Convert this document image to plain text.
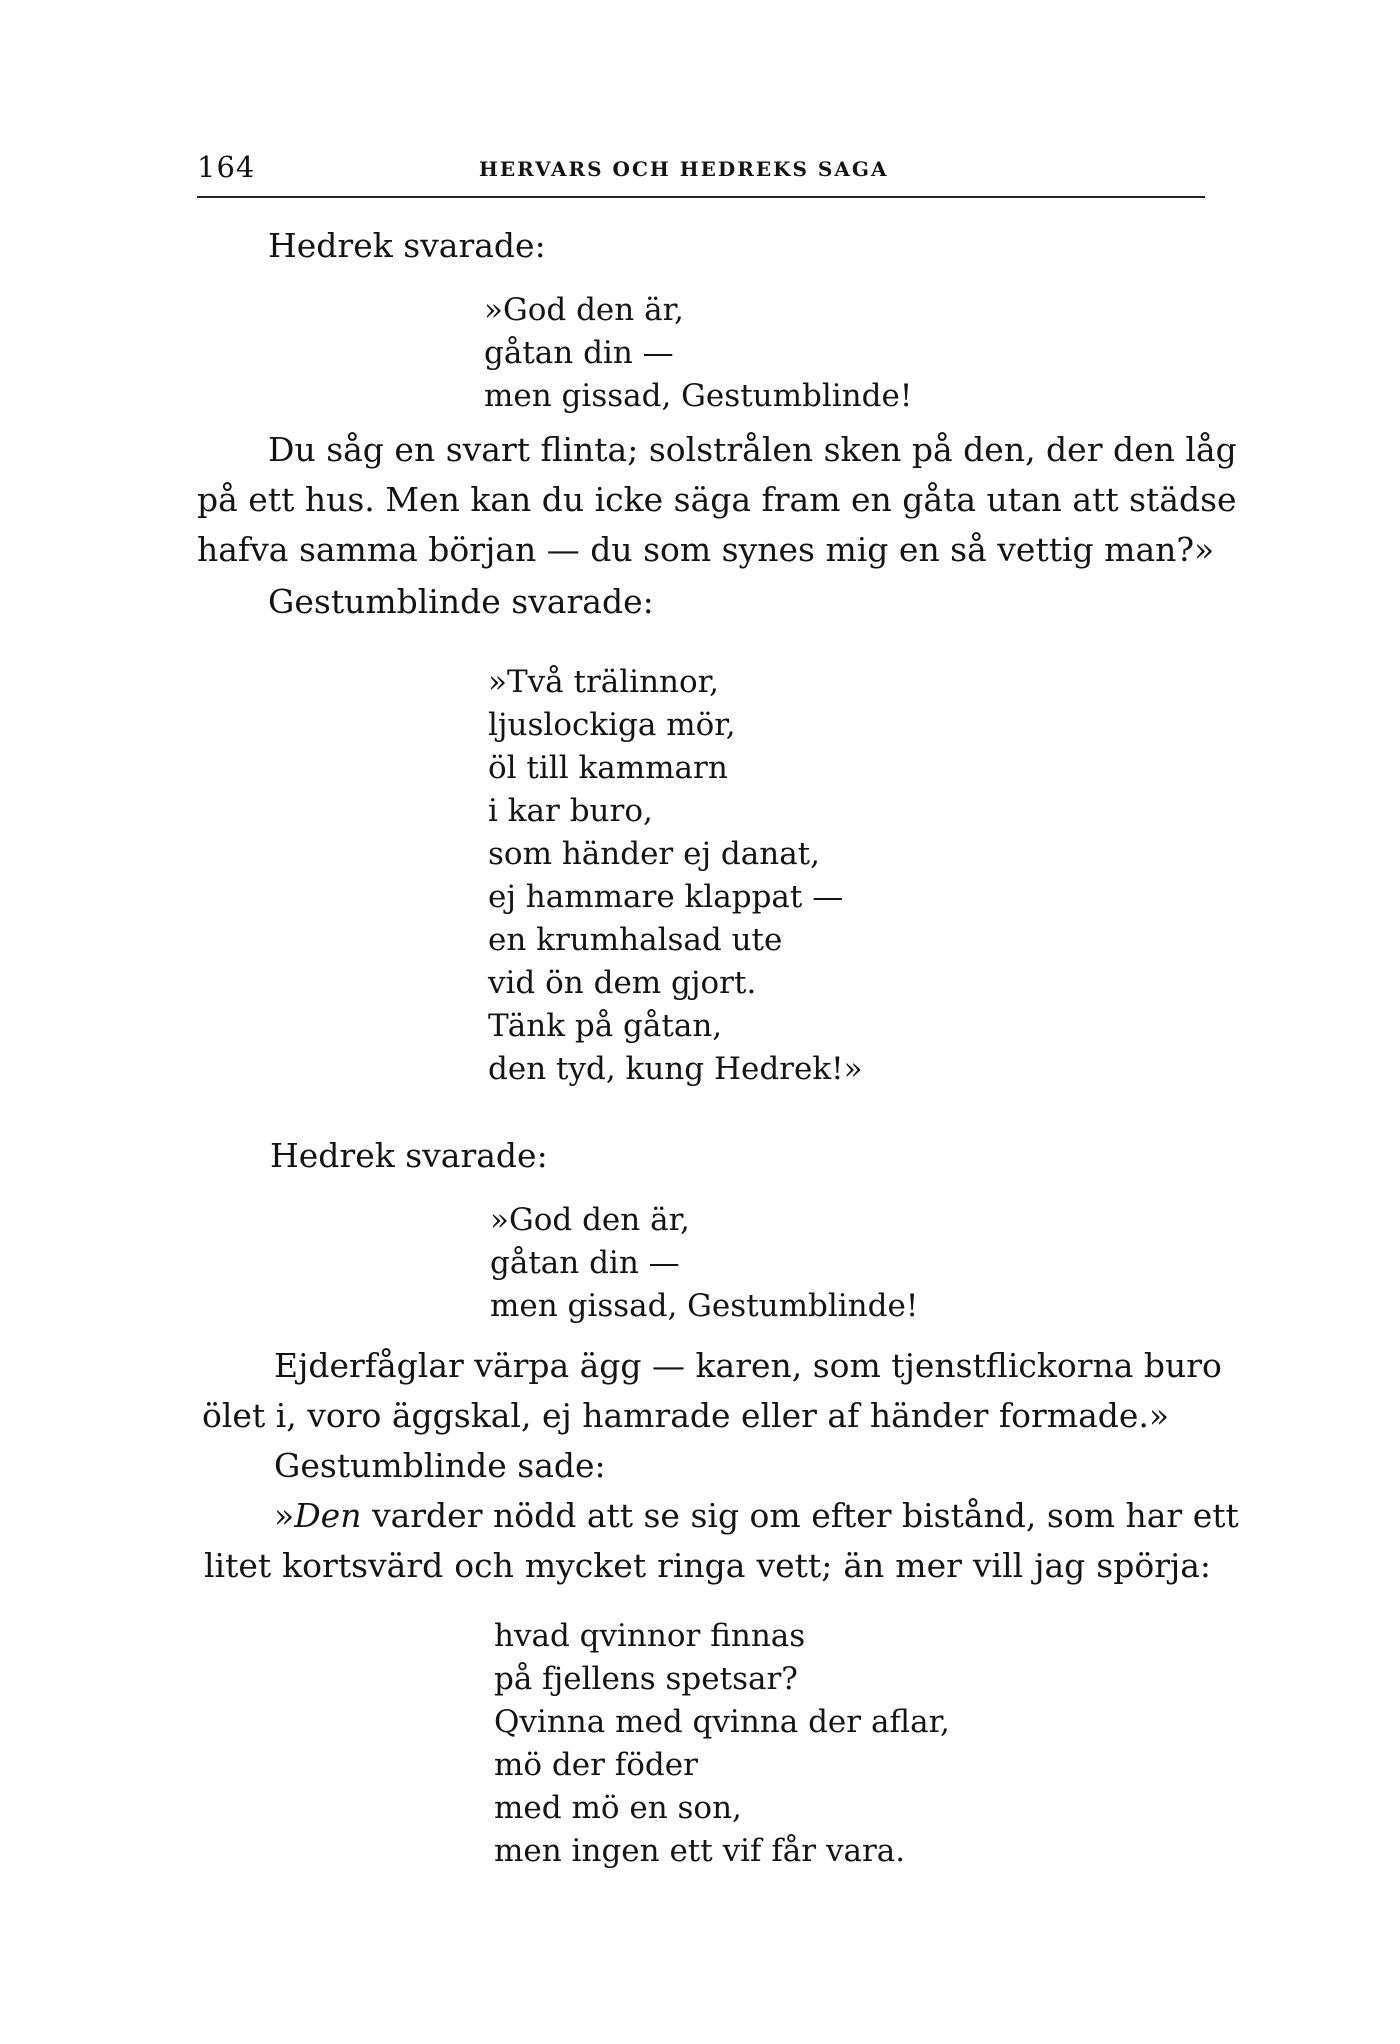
164	HERVARS OCH HEDREKS SAGA
Hedrek svarade:
»God den är,
gåtan din —
men gissad, Gestumblinde!
Du såg en svart flinta; solstrålen sken på den, der den låg
på ett hus. Men kan du icke säga fram en gåta utan att städse
hafva samma början — du som synes mig en så vettig man?»
Gestumblinde svarade:
»Två trälinnor,
ljuslockiga mör,
öl till kammarn
i kar buro,
som händer ej danat,
ej hammare klappat —
en krumhalsad ute
vid ön dem gjort.
Tänk på gåtan,
den tyd, kung Hedrek!»
Hedrek svarade:
»God den är,
gåtan din —
men gissad, Gestumblinde!
Ejderfåglar värpa ägg — karen, som tjenstflickorna buro
ölet i, voro äggskal, ej hamrade eller af händer formade.»
Gestumblinde sade:
»Den varder nödd att se sig om efter bistånd, som har ett
litet kortsvärd och mycket ringa vett; än mer vill jag spörja:
hvad qvinnor finnas
på fjellens spetsar?
Qvinna med qvinna der aflar,
mö der föder
med mö en son,
men ingen ett vif får vara.
